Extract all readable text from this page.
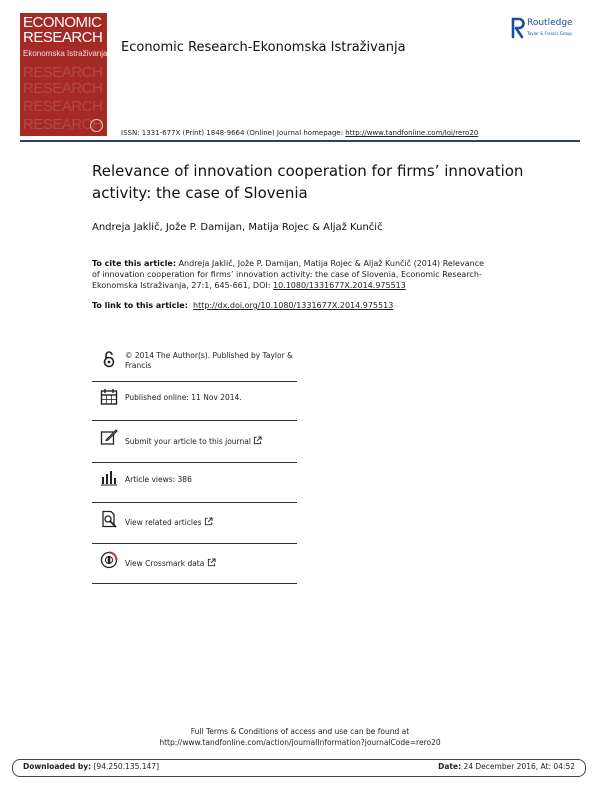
ECONOMIC
RESEARCH
Ekonomska Istraživanja
RESEARCH
RESEARCH
RESEARCH
RESEARCH
Economic Research-Ekonomska Istraživanja
Routledge
Taylor & Francis Group
ISSN: 1331-677X (Print) 1848-9664 (Online) Journal homepage: http://www.tandfonline.com/loi/rero20
Relevance of innovation cooperation for firms’ innovation activity: the case of Slovenia
Andreja Jaklič, Jože P. Damijan, Matija Rojec & Aljaž Kunčič
To cite this article: Andreja Jaklič, Jože P. Damijan, Matija Rojec & Aljaž Kunčič (2014) Relevance of innovation cooperation for firms’ innovation activity: the case of Slovenia, Economic Research-Ekonomska Istraživanja, 27:1, 645-661, DOI: 10.1080/1331677X.2014.975513
To link to this article: http://dx.doi.org/10.1080/1331677X.2014.975513
© 2014 The Author(s). Published by Taylor & Francis
Published online: 11 Nov 2014.
Submit your article to this journal
Article views: 386
View related articles
View Crossmark data
Full Terms & Conditions of access and use can be found at
http://www.tandfonline.com/action/journalInformation?journalCode=rero20
Downloaded by: [94.250.135.147]	Date: 24 December 2016, At: 04:52
